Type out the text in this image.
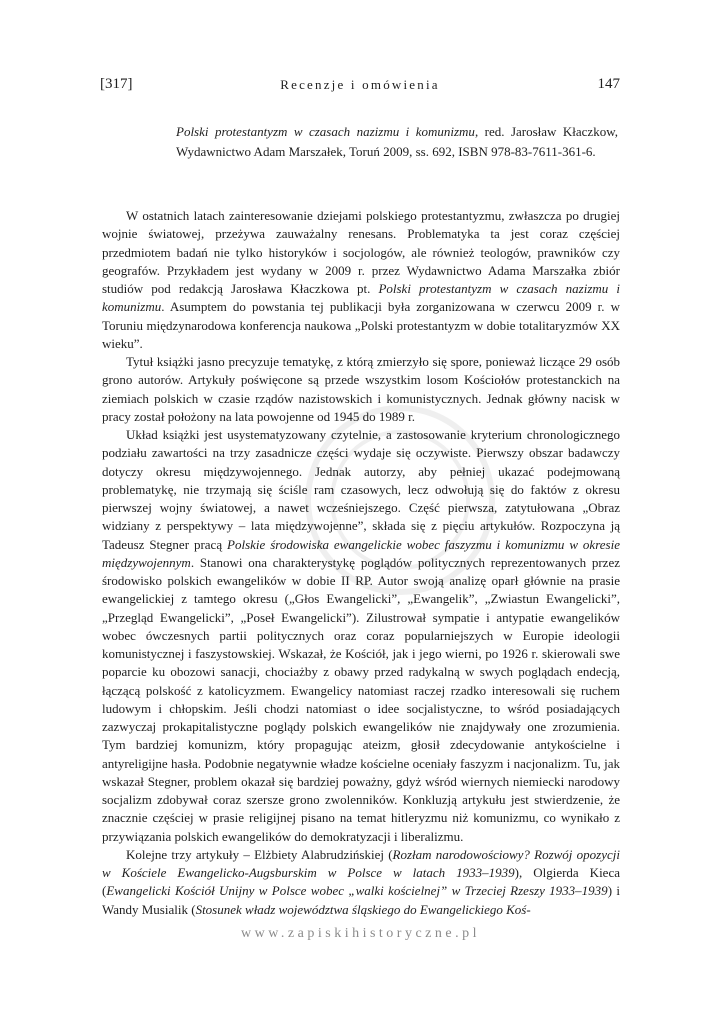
[317]	Recenzje i omówienia	147
Polski protestantyzm w czasach nazizmu i komunizmu, red. Jarosław Kłaczkow, Wydawnictwo Adam Marszałek, Toruń 2009, ss. 692, ISBN 978-83-7611-361-6.

W ostatnich latach zainteresowanie dziejami polskiego protestantyzmu, zwłaszcza po drugiej wojnie światowej, przeżywa zauważalny renesans. Problematyka ta jest coraz częściej przedmiotem badań nie tylko historyków i socjologów, ale również teologów, prawników czy geografów. Przykładem jest wydany w 2009 r. przez Wydawnictwo Adama Marszałka zbiór studiów pod redakcją Jarosława Kłaczkowa pt. Polski protestantyzm w czasach nazizmu i komunizmu. Asumptem do powstania tej publikacji była zorganizowana w czerwcu 2009 r. w Toruniu międzynarodowa konferencja naukowa „Polski protestantyzm w dobie totalitaryzmów XX wieku”.

Tytuł książki jasno precyzuje tematykę, z którą zmierzyło się spore, ponieważ liczące 29 osób grono autorów. Artykuły poświęcone są przede wszystkim losom Kościołów protestanckich na ziemiach polskich w czasie rządów nazistowskich i komunistycznych. Jednak główny nacisk w pracy został położony na lata powojenne od 1945 do 1989 r.

Układ książki jest usystematyzowany czytelnie, a zastosowanie kryterium chronologicznego podziału zawartości na trzy zasadnicze części wydaje się oczywiste. Pierwszy obszar badawczy dotyczy okresu międzywojennego. Jednak autorzy, aby pełniej ukazać podejmowaną problematykę, nie trzymają się ściśle ram czasowych, lecz odwołują się do faktów z okresu pierwszej wojny światowej, a nawet wcześniejszego. Część pierwsza, zatytułowana „Obraz widziany z perspektywy – lata międzywojenne”, składa się z pięciu artykułów. Rozpoczyna ją Tadeusz Stegner pracą Polskie środowiska ewangelickie wobec faszyzmu i komunizmu w okresie międzywojennym. Stanowi ona charakterystykę poglądów politycznych reprezentowanych przez środowisko polskich ewangelików w dobie II RP. Autor swoją analizę oparł głównie na prasie ewangelickiej z tamtego okresu („Głos Ewangelicki”, „Ewangelik”, „Zwiastun Ewangelicki”, „Przegląd Ewangelicki”, „Poseł Ewangelicki”). Zilustrował sympatie i antypatie ewangelików wobec ówczesnych partii politycznych oraz coraz popularniejszych w Europie ideologii komunistycznej i faszystowskiej. Wskazał, że Kościół, jak i jego wierni, po 1926 r. skierowali swe poparcie ku obozowi sanacji, chociażby z obawy przed radykalną w swych poglądach endecją, łączącą polskość z katolicyzmem. Ewangelicy natomiast raczej rzadko interesowali się ruchem ludowym i chłopskim. Jeśli chodzi natomiast o idee socjalistyczne, to wśród posiadających zazwyczaj prokapitalistyczne poglądy polskich ewangelików nie znajdywały one zrozumienia. Tym bardziej komunizm, który propagując ateizm, głosił zdecydowanie antykościelne i antyreligijne hasła. Podobnie negatywnie władze kościelne oceniały faszyzm i nacjonalizm. Tu, jak wskazał Stegner, problem okazał się bardziej poważny, gdyż wśród wiernych niemiecki narodowy socjalizm zdobywał coraz szersze grono zwolenników. Konkluzją artykułu jest stwierdzenie, że znacznie częściej w prasie religijnej pisano na temat hitleryzmu niż komunizmu, co wynikało z przywiązania polskich ewangelików do demokratyzacji i liberalizmu.

Kolejne trzy artykuły – Elżbiety Alabrudzińskiej (Rozłam narodowościowy? Rozwój opozycji w Kościele Ewangelicko-Augsburskim w Polsce w latach 1933–1939), Olgierda Kieca (Ewangelicki Kościół Unijny w Polsce wobec „walki kościelnej” w Trzeciej Rzeszy 1933–1939) i Wandy Musialik (Stosunek władz województwa śląskiego do Ewangelickiego Koś-

www.zapiskihistoryczne.pl
